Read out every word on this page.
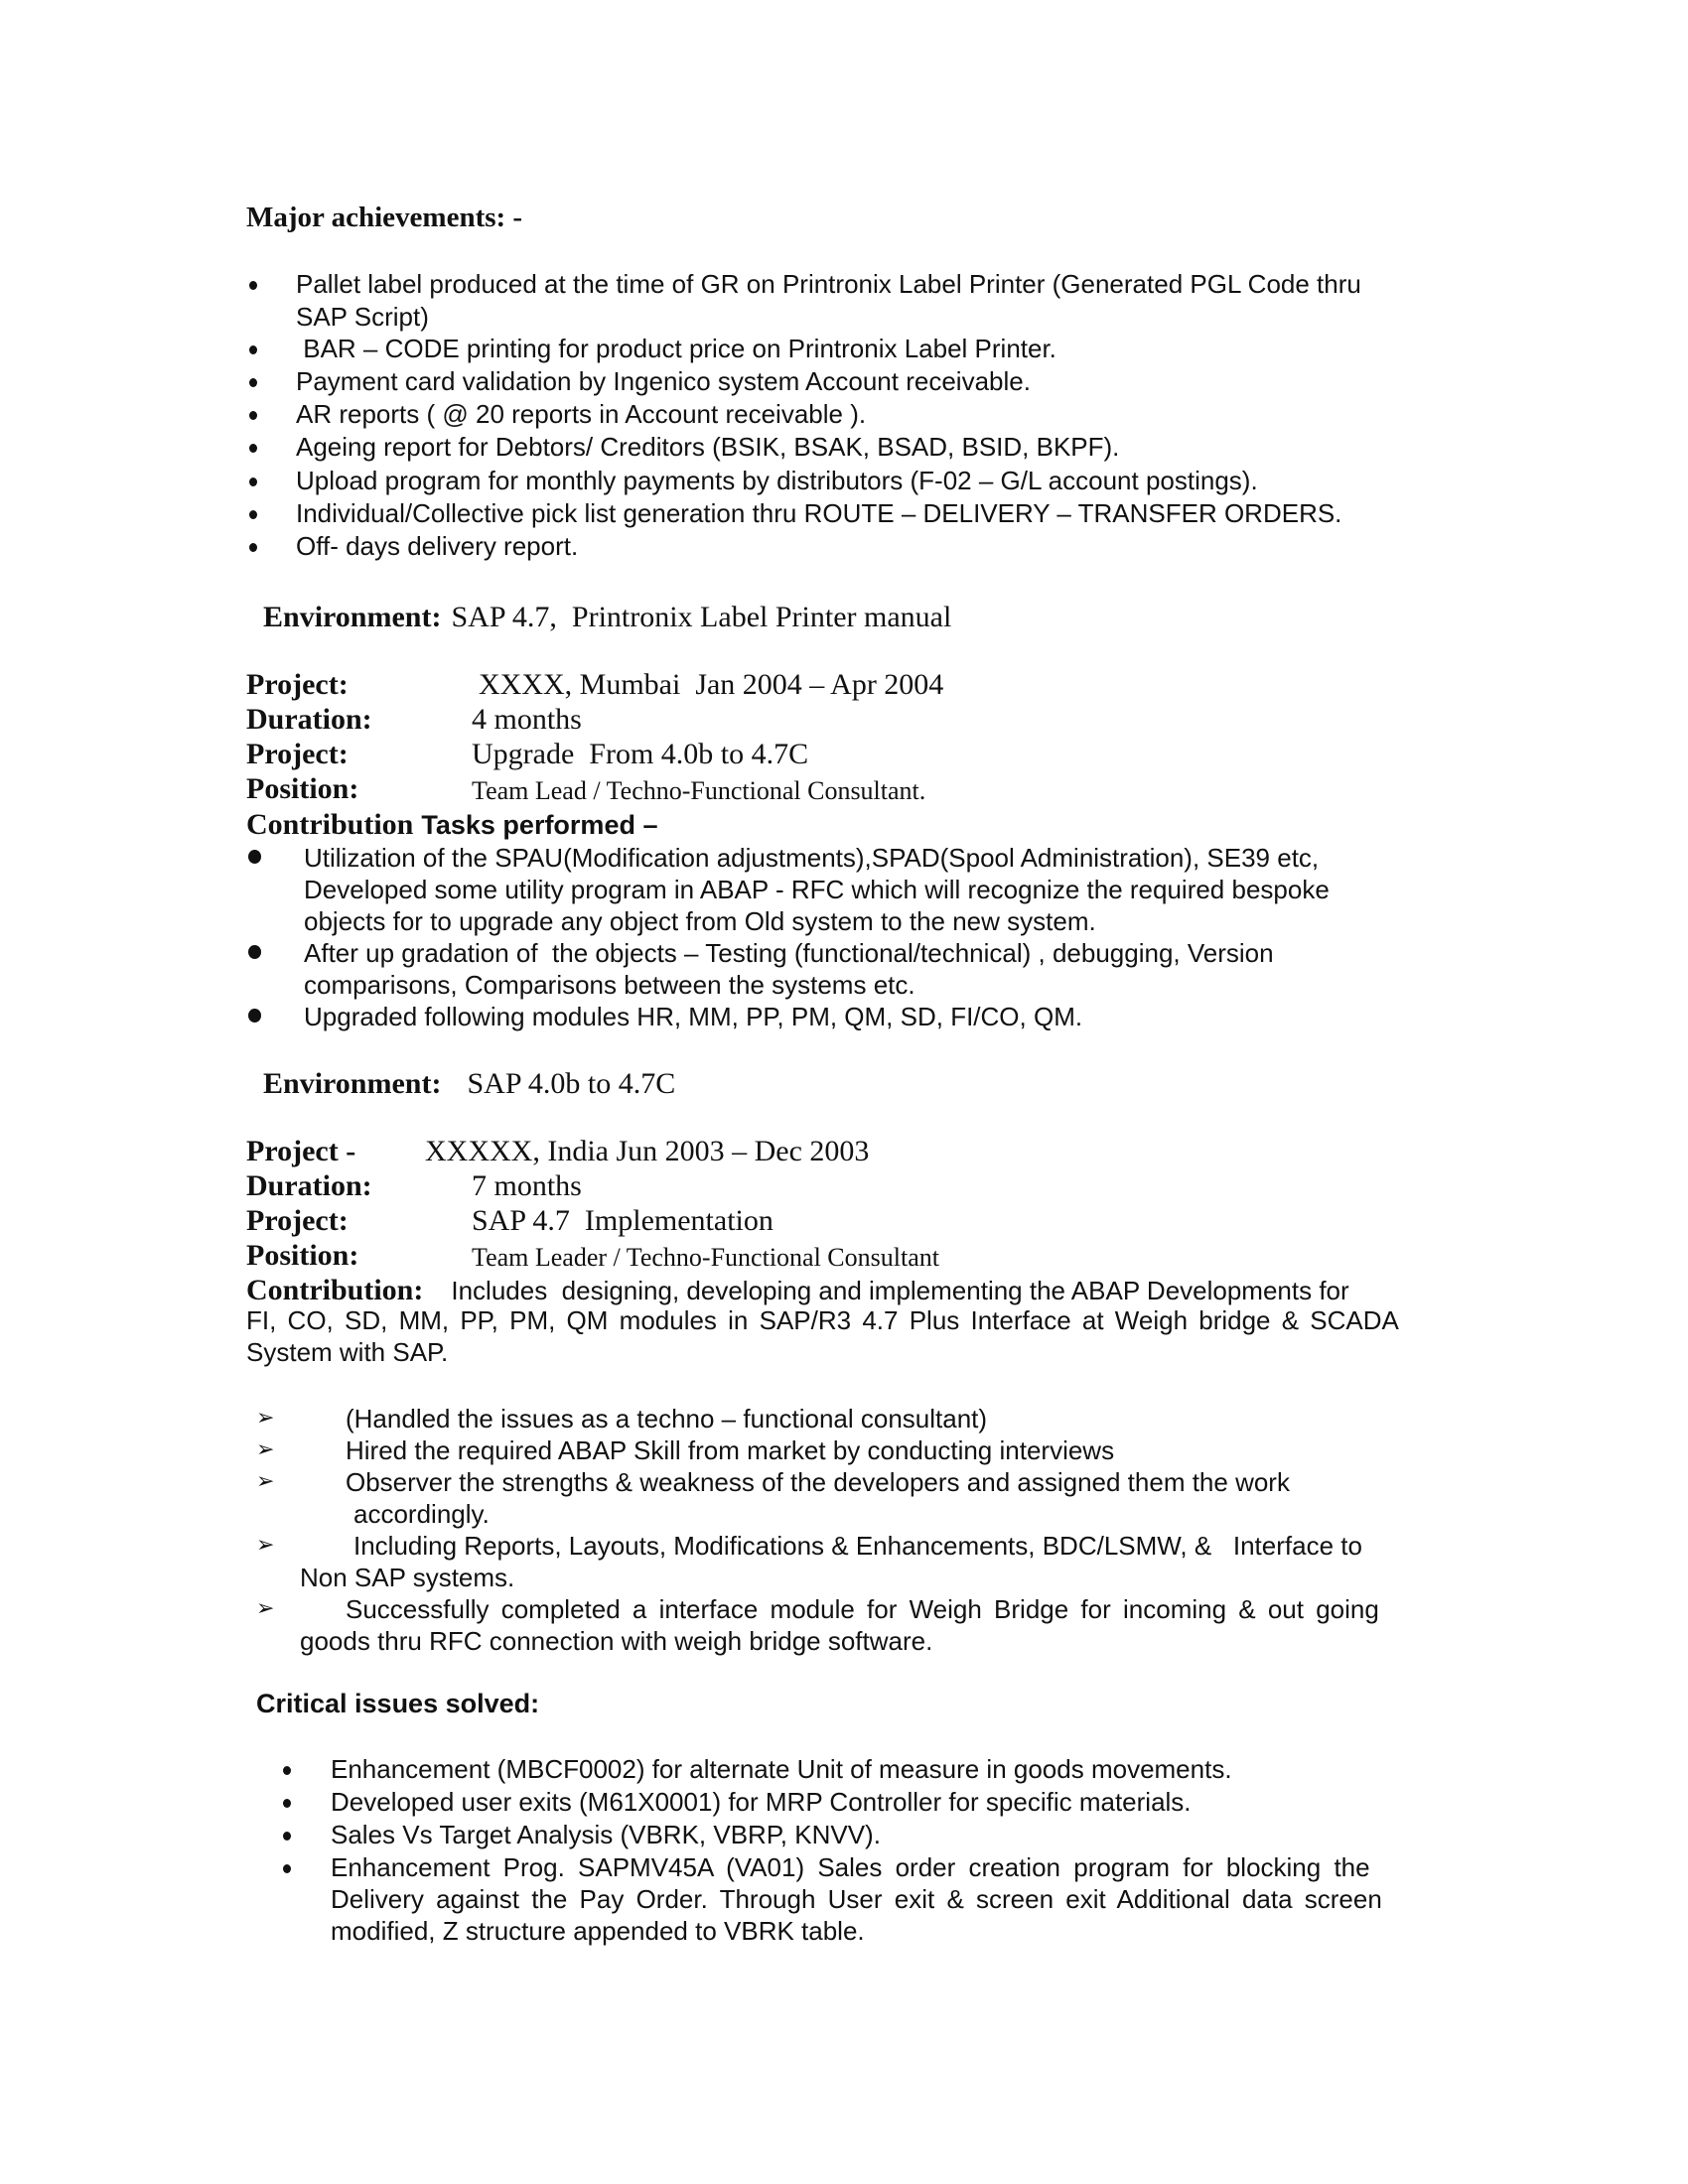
Major achievements: -
Pallet label produced at the time of GR on Printronix Label Printer (Generated PGL Code thru
SAP Script)
BAR – CODE printing for product price on Printronix Label Printer.
Payment card validation by Ingenico system Account receivable.
AR reports ( @ 20 reports in Account receivable ).
Ageing report for Debtors/ Creditors (BSIK, BSAK, BSAD, BSID, BKPF).
Upload program for monthly payments by distributors (F-02 – G/L account postings).
Individual/Collective pick list generation thru ROUTE – DELIVERY – TRANSFER ORDERS.
Off- days delivery report.
Environment: SAP 4.7,  Printronix Label Printer manual
Project:	XXXX, Mumbai  Jan 2004 – Apr 2004
Duration:	4 months
Project:	Upgrade  From 4.0b to 4.7C
Position:	Team Lead / Techno-Functional Consultant.
Contribution Tasks performed –
Utilization of the SPAU(Modification adjustments),SPAD(Spool Administration), SE39 etc,
Developed some utility program in ABAP - RFC which will recognize the required bespoke
objects for to upgrade any object from Old system to the new system.
After up gradation of  the objects – Testing (functional/technical) , debugging, Version
comparisons, Comparisons between the systems etc.
Upgraded following modules HR, MM, PP, PM, QM, SD, FI/CO, QM.
Environment: SAP 4.0b to 4.7C
Project - XXXXX, India Jun 2003 – Dec 2003
Duration:	7 months
Project:	SAP 4.7  Implementation
Position:	Team Leader / Techno-Functional Consultant
Contribution: Includes  designing, developing and implementing the ABAP Developments for
FI, CO, SD, MM, PP, PM, QM modules in SAP/R3 4.7 Plus Interface at Weigh bridge & SCADA
System with SAP.
➢	(Handled the issues as a techno – functional consultant)
➢	Hired the required ABAP Skill from market by conducting interviews
➢	Observer the strengths & weakness of the developers and assigned them the work
accordingly.
➢	Including Reports, Layouts, Modifications & Enhancements, BDC/LSMW, &   Interface to
Non SAP systems.
➢	Successfully completed a interface module for Weigh Bridge for incoming & out going
goods thru RFC connection with weigh bridge software.
Critical issues solved:
Enhancement (MBCF0002) for alternate Unit of measure in goods movements.
Developed user exits (M61X0001) for MRP Controller for specific materials.
Sales Vs Target Analysis (VBRK, VBRP, KNVV).
Enhancement Prog. SAPMV45A (VA01) Sales order creation program for blocking the
Delivery against the Pay Order. Through User exit & screen exit Additional data screen
modified, Z structure appended to VBRK table.
